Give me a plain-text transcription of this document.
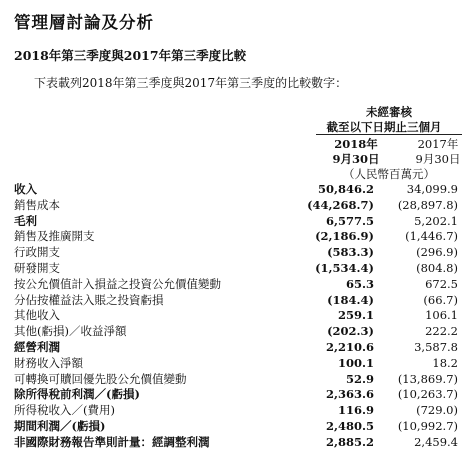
管理層討論及分析
2018年第三季度與2017年第三季度比較
下表載列2018年第三季度與2017年第三季度的比較數字：
未經審核
截至以下日期止三個月
2018年	2017年
9月30日	9月30日
（人民幣百萬元）
收入	50,846.2	34,099.9
銷售成本	(44,268.7) (28,897.8)
毛利	6,577.5	5,202.1
銷售及推廣開支	(2,186.9)	(1,446.7)
行政開支	(583.3)	(296.9)
研發開支	(1,534.4)	(804.8)
按公允價值計入損益之投資公允價值變動	65.3	672.5
分佔按權益法入賬之投資虧損	(184.4)	(66.7)
其他收入	259.1	106.1
其他(虧損)／收益淨額	(202.3)	222.2
經營利潤	2,210.6	3,587.8
財務收入淨額	100.1	18.2
可轉換可贖回優先股公允價值變動	52.9 (13,869.7)
除所得稅前利潤／(虧損)	2,363.6 (10,263.7)
所得稅收入／(費用)	116.9	(729.0)
期間利潤／(虧損)	2,480.5 (10,992.7)
非國際財務報告準則計量：經調整利潤	2,885.2	2,459.4
